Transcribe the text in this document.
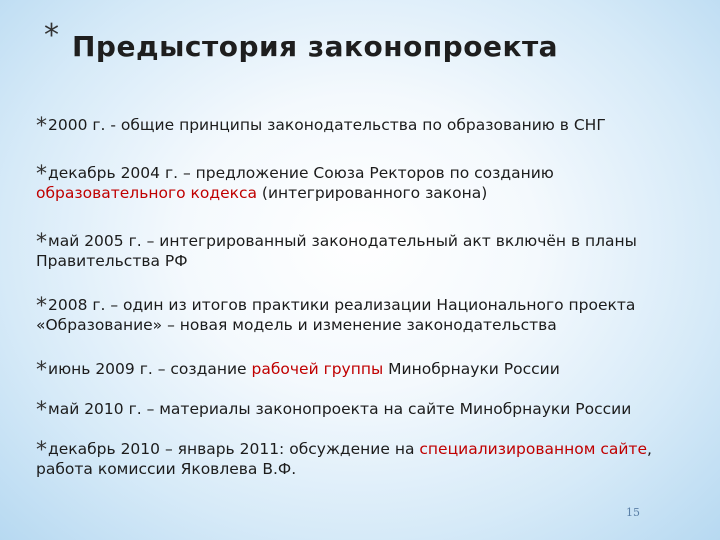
* Предыстория законопроекта
*2000 г. - общие принципы законодательства по образованию в СНГ
*декабрь 2004 г. – предложение Союза Ректоров по созданию образовательного кодекса (интегрированного закона)
*май 2005 г. – интегрированный законодательный акт включён в планы Правительства РФ
*2008 г. – один из итогов практики реализации Национального проекта «Образование» – новая модель и изменение законодательства
*июнь 2009 г. – создание рабочей группы Минобрнауки России
*май 2010 г. – материалы законопроекта на сайте Минобрнауки России
*декабрь 2010 – январь 2011: обсуждение на специализированном сайте, работа комиссии Яковлева В.Ф.
15
